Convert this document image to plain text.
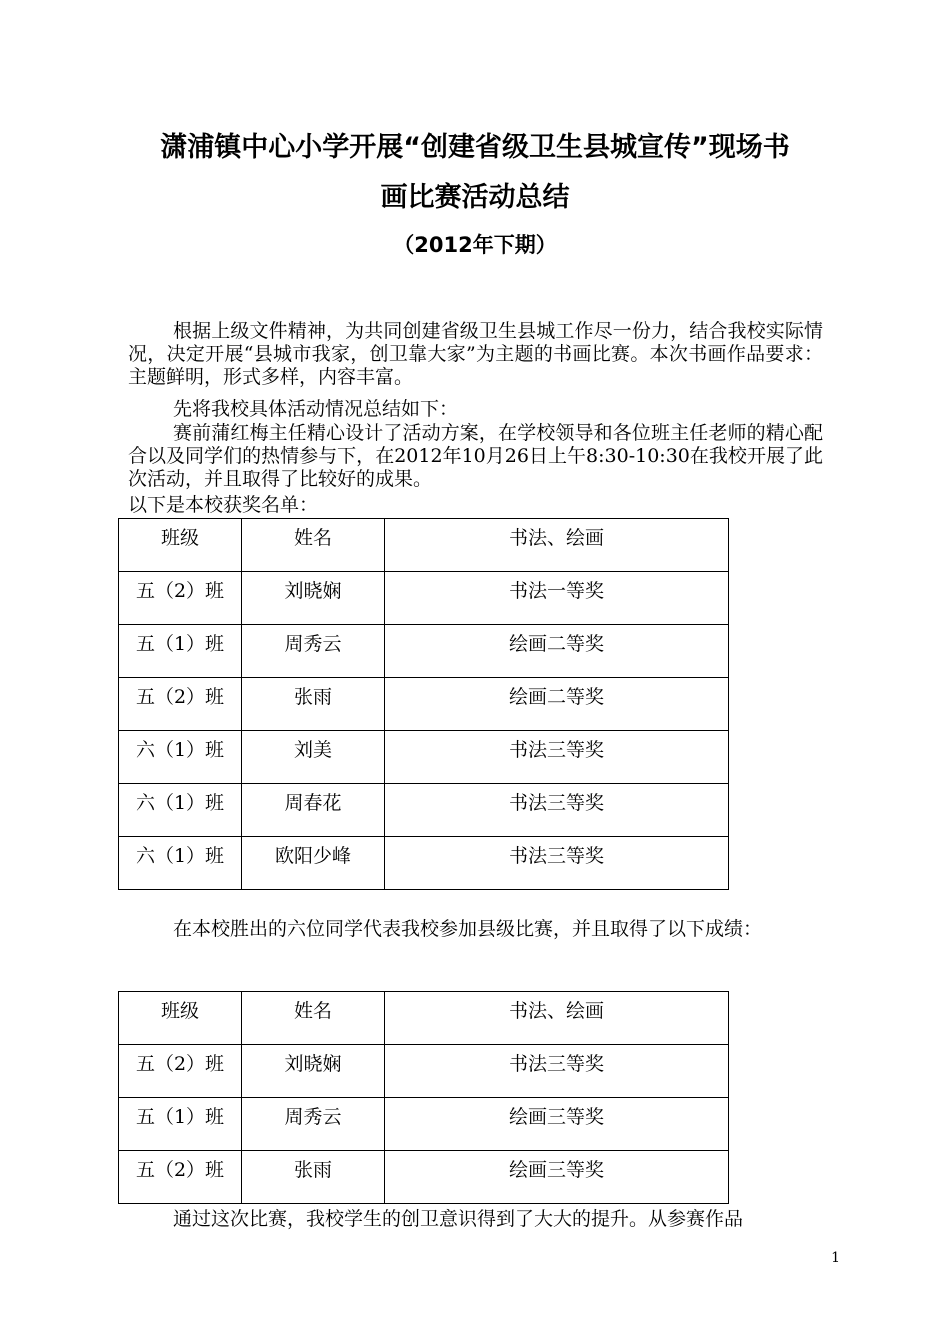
潇浦镇中心小学开展“创建省级卫生县城宣传”现场书
画比赛活动总结
（2012年下期）

根据上级文件精神，为共同创建省级卫生县城工作尽一份力，结合我校实际情况，决定开展“县城市我家，创卫靠大家”为主题的书画比赛。本次书画作品要求：主题鲜明，形式多样，内容丰富。

先将我校具体活动情况总结如下：

赛前蒲红梅主任精心设计了活动方案，在学校领导和各位班主任老师的精心配合以及同学们的热情参与下，在2012年10月26日上午8:30-10:30在我校开展了此次活动，并且取得了比较好的成果。

以下是本校获奖名单：

班级	姓名	书法、绘画
五（2）班	刘晓娴	书法一等奖
五（1）班	周秀云	绘画二等奖
五（2）班	张雨	绘画二等奖
六（1）班	刘美	书法三等奖
六（1）班	周春花	书法三等奖
六（1）班	欧阳少峰	书法三等奖

在本校胜出的六位同学代表我校参加县级比赛，并且取得了以下成绩：

班级	姓名	书法、绘画
五（2）班	刘晓娴	书法三等奖
五（1）班	周秀云	绘画三等奖
五（2）班	张雨	绘画三等奖

通过这次比赛，我校学生的创卫意识得到了大大的提升。从参赛作品

1
